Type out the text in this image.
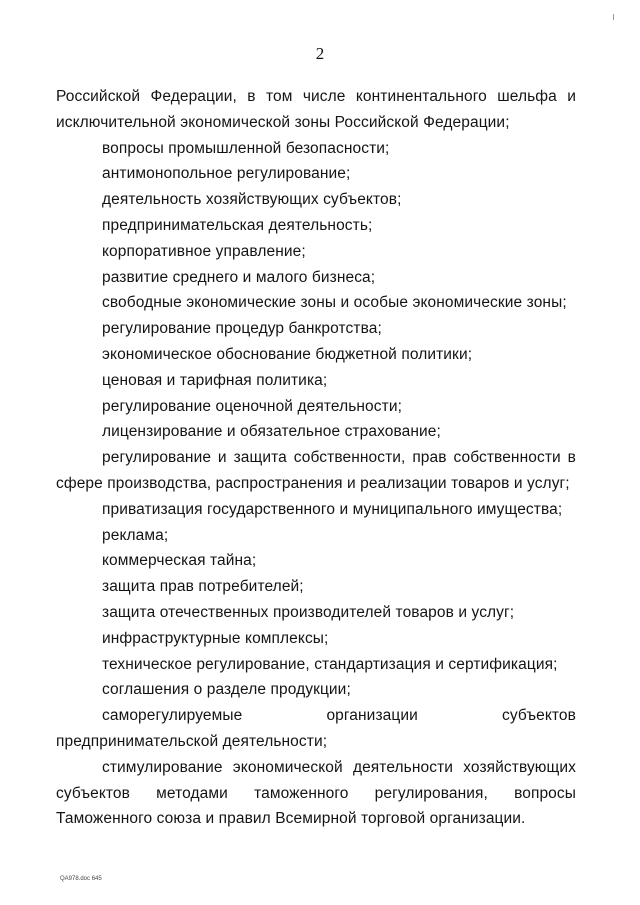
2

Российской Федерации, в том числе континентального шельфа и исключительной экономической зоны Российской Федерации;

вопросы промышленной безопасности;

антимонопольное регулирование;

деятельность хозяйствующих субъектов;

предпринимательская деятельность;

корпоративное управление;

развитие среднего и малого бизнеса;

свободные экономические зоны и особые экономические зоны;

регулирование процедур банкротства;

экономическое обоснование бюджетной политики;

ценовая и тарифная политика;

регулирование оценочной деятельности;

лицензирование и обязательное страхование;

регулирование и защита собственности, прав собственности в сфере производства, распространения и реализации товаров и услуг;

приватизация государственного и муниципального имущества;

реклама;

коммерческая тайна;

защита прав потребителей;

защита отечественных производителей товаров и услуг;

инфраструктурные комплексы;

техническое регулирование, стандартизация и сертификация;

соглашения о разделе продукции;

саморегулируемые организации субъектов предпринимательской деятельности;

стимулирование экономической деятельности хозяйствующих субъектов методами таможенного регулирования, вопросы Таможенного союза и правил Всемирной торговой организации.

QA978.doc 645
